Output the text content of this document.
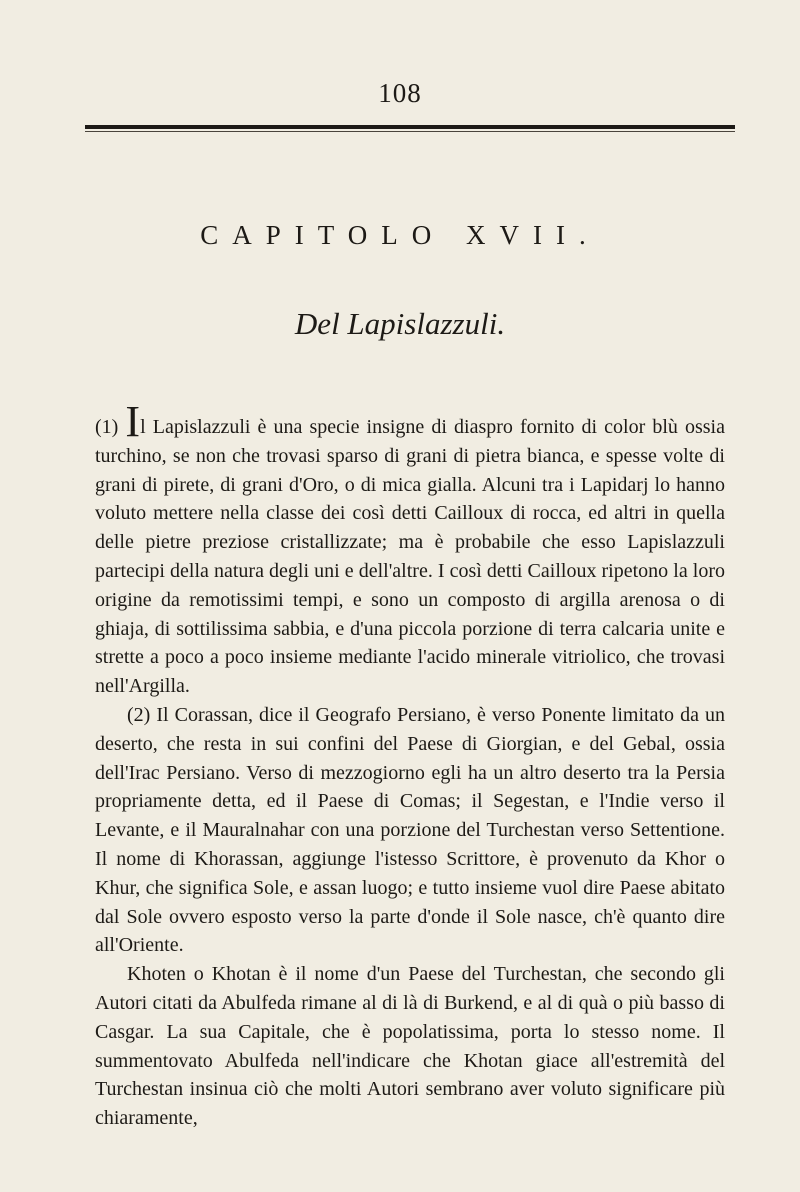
108
CAPITOLO XVII.
Del Lapislazzuli.

(1) Il Lapislazzuli è una specie insigne di diaspro fornito di color blù ossia turchino, se non che trovasi sparso di grani di pietra bianca, e spesse volte di grani di pirete, di grani d'Oro, o di mica gialla. Alcuni tra i Lapidarj lo hanno voluto mettere nella classe dei così detti Cailloux di rocca, ed altri in quella delle pietre preziose cristallizzate; ma è probabile che esso Lapislazzuli partecipi della natura degli uni e dell'altre. I così detti Cailloux ripetono la loro origine da remotissimi tempi, e sono un composto di argilla arenosa o di ghiaja, di sottilissima sabbia, e d'una piccola porzione di terra calcaria unite e strette a poco a poco insieme mediante l'acido minerale vitriolico, che trovasi nell'Argilla.

(2) Il Corassan, dice il Geografo Persiano, è verso Ponente limitato da un deserto, che resta in sui confini del Paese di Giorgian, e del Gebal, ossia dell'Irac Persiano. Verso di mezzogiorno egli ha un altro deserto tra la Persia propriamente detta, ed il Paese di Comas; il Segestan, e l'Indie verso il Levante, e il Mauralnahar con una porzione del Turchestan verso Settentione. Il nome di Khorassan, aggiunge l'istesso Scrittore, è provenuto da Khor o Khur, che significa Sole, e assan luogo; e tutto insieme vuol dire Paese abitato dal Sole ovvero esposto verso la parte d'onde il Sole nasce, ch'è quanto dire all'Oriente.

Khoten o Khotan è il nome d'un Paese del Turchestan, che secondo gli Autori citati da Abulfeda rimane al di là di Burkend, e al di quà o più basso di Casgar. La sua Capitale, che è popolatissima, porta lo stesso nome. Il summentovato Abulfeda nell'indicare che Khotan giace all'estremità del Turchestan insinua ciò che molti Autori sembrano aver voluto significare più chiaramente,
